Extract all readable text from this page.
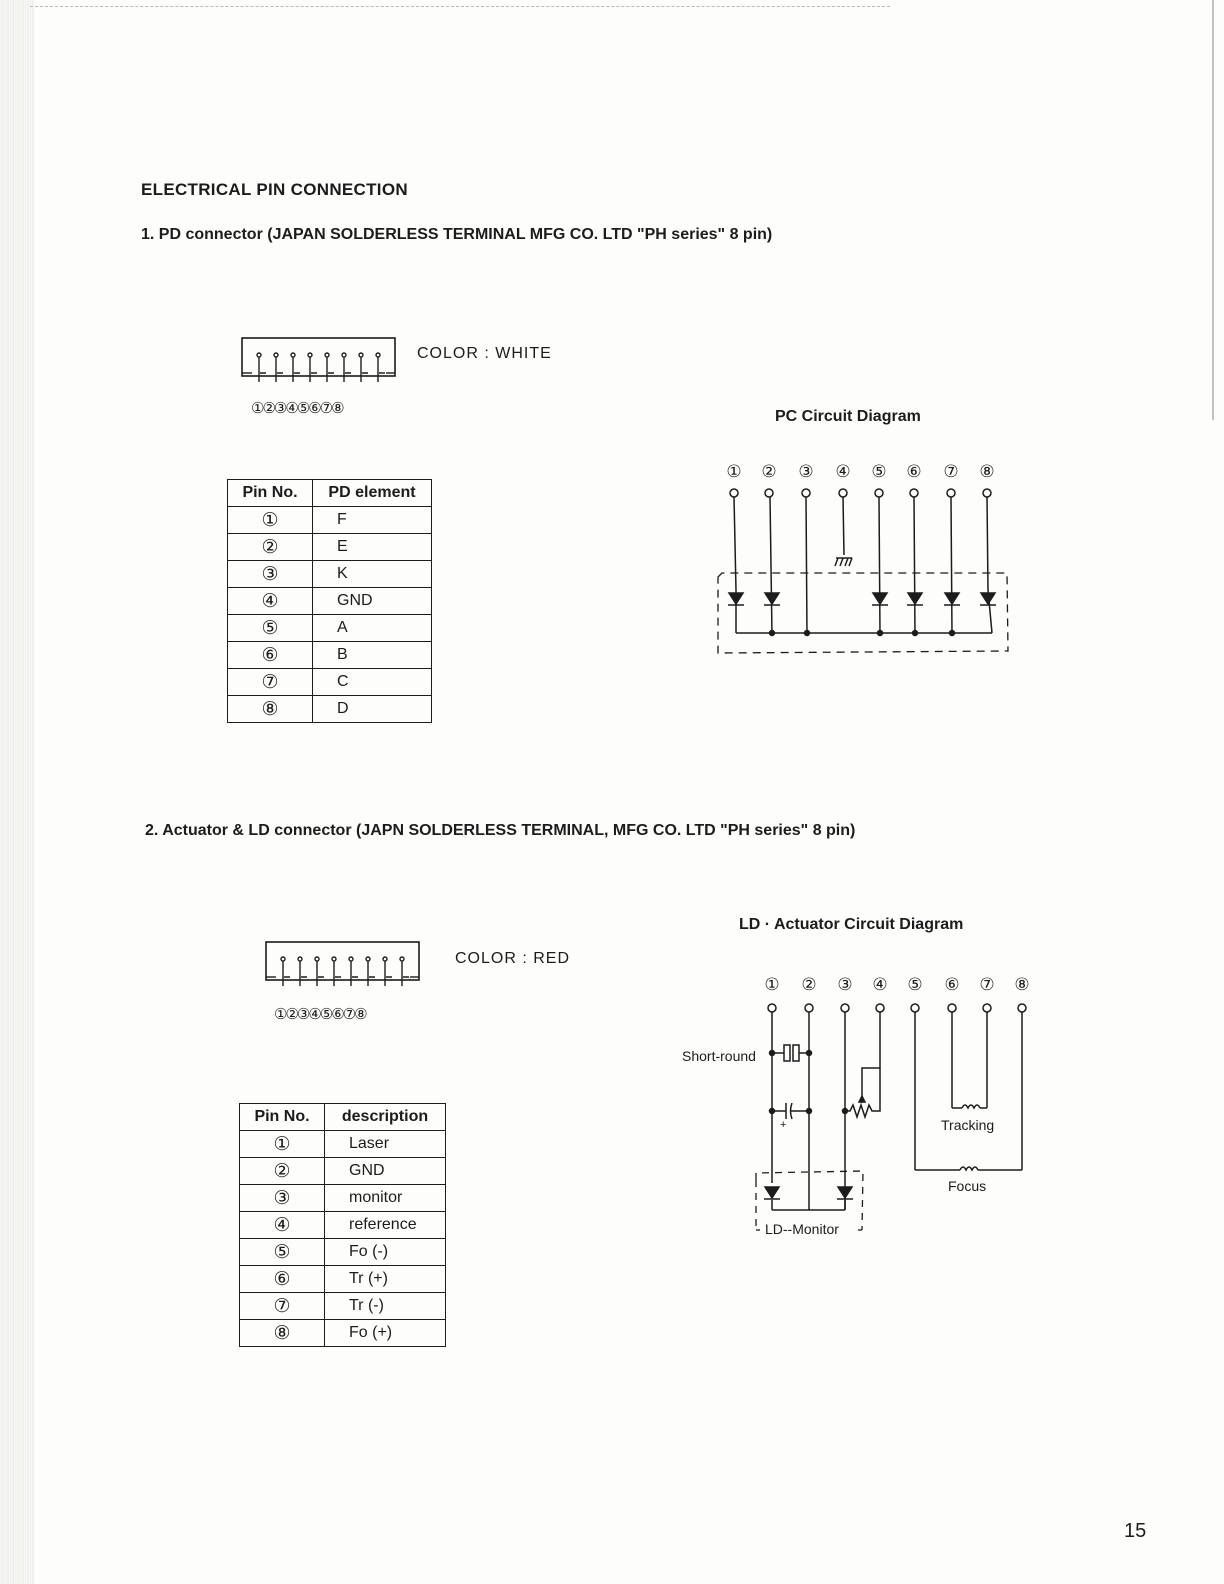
ELECTRICAL PIN CONNECTION
1. PD connector (JAPAN SOLDERLESS TERMINAL MFG CO. LTD "PH series" 8 pin)
①②③④⑤⑥⑦⑧
COLOR : WHITE
Pin No.	PD element
①	F
②	E
③	K
④	GND
⑤	A
⑥	B
⑦	C
⑧	D
PC Circuit Diagram
① ② ③ ④ ⑤ ⑥ ⑦ ⑧
2. Actuator & LD connector (JAPN SOLDERLESS TERMINAL, MFG CO. LTD "PH series" 8 pin)
①②③④⑤⑥⑦⑧
COLOR : RED
Pin No.	description
①	Laser
②	GND
③	monitor
④	reference
⑤	Fo (-)
⑥	Tr (+)
⑦	Tr (-)
⑧	Fo (+)
LD · Actuator Circuit Diagram
① ② ③ ④ ⑤ ⑥ ⑦ ⑧
Short-round
+	Tracking
Focus
LD--Monitor
15
